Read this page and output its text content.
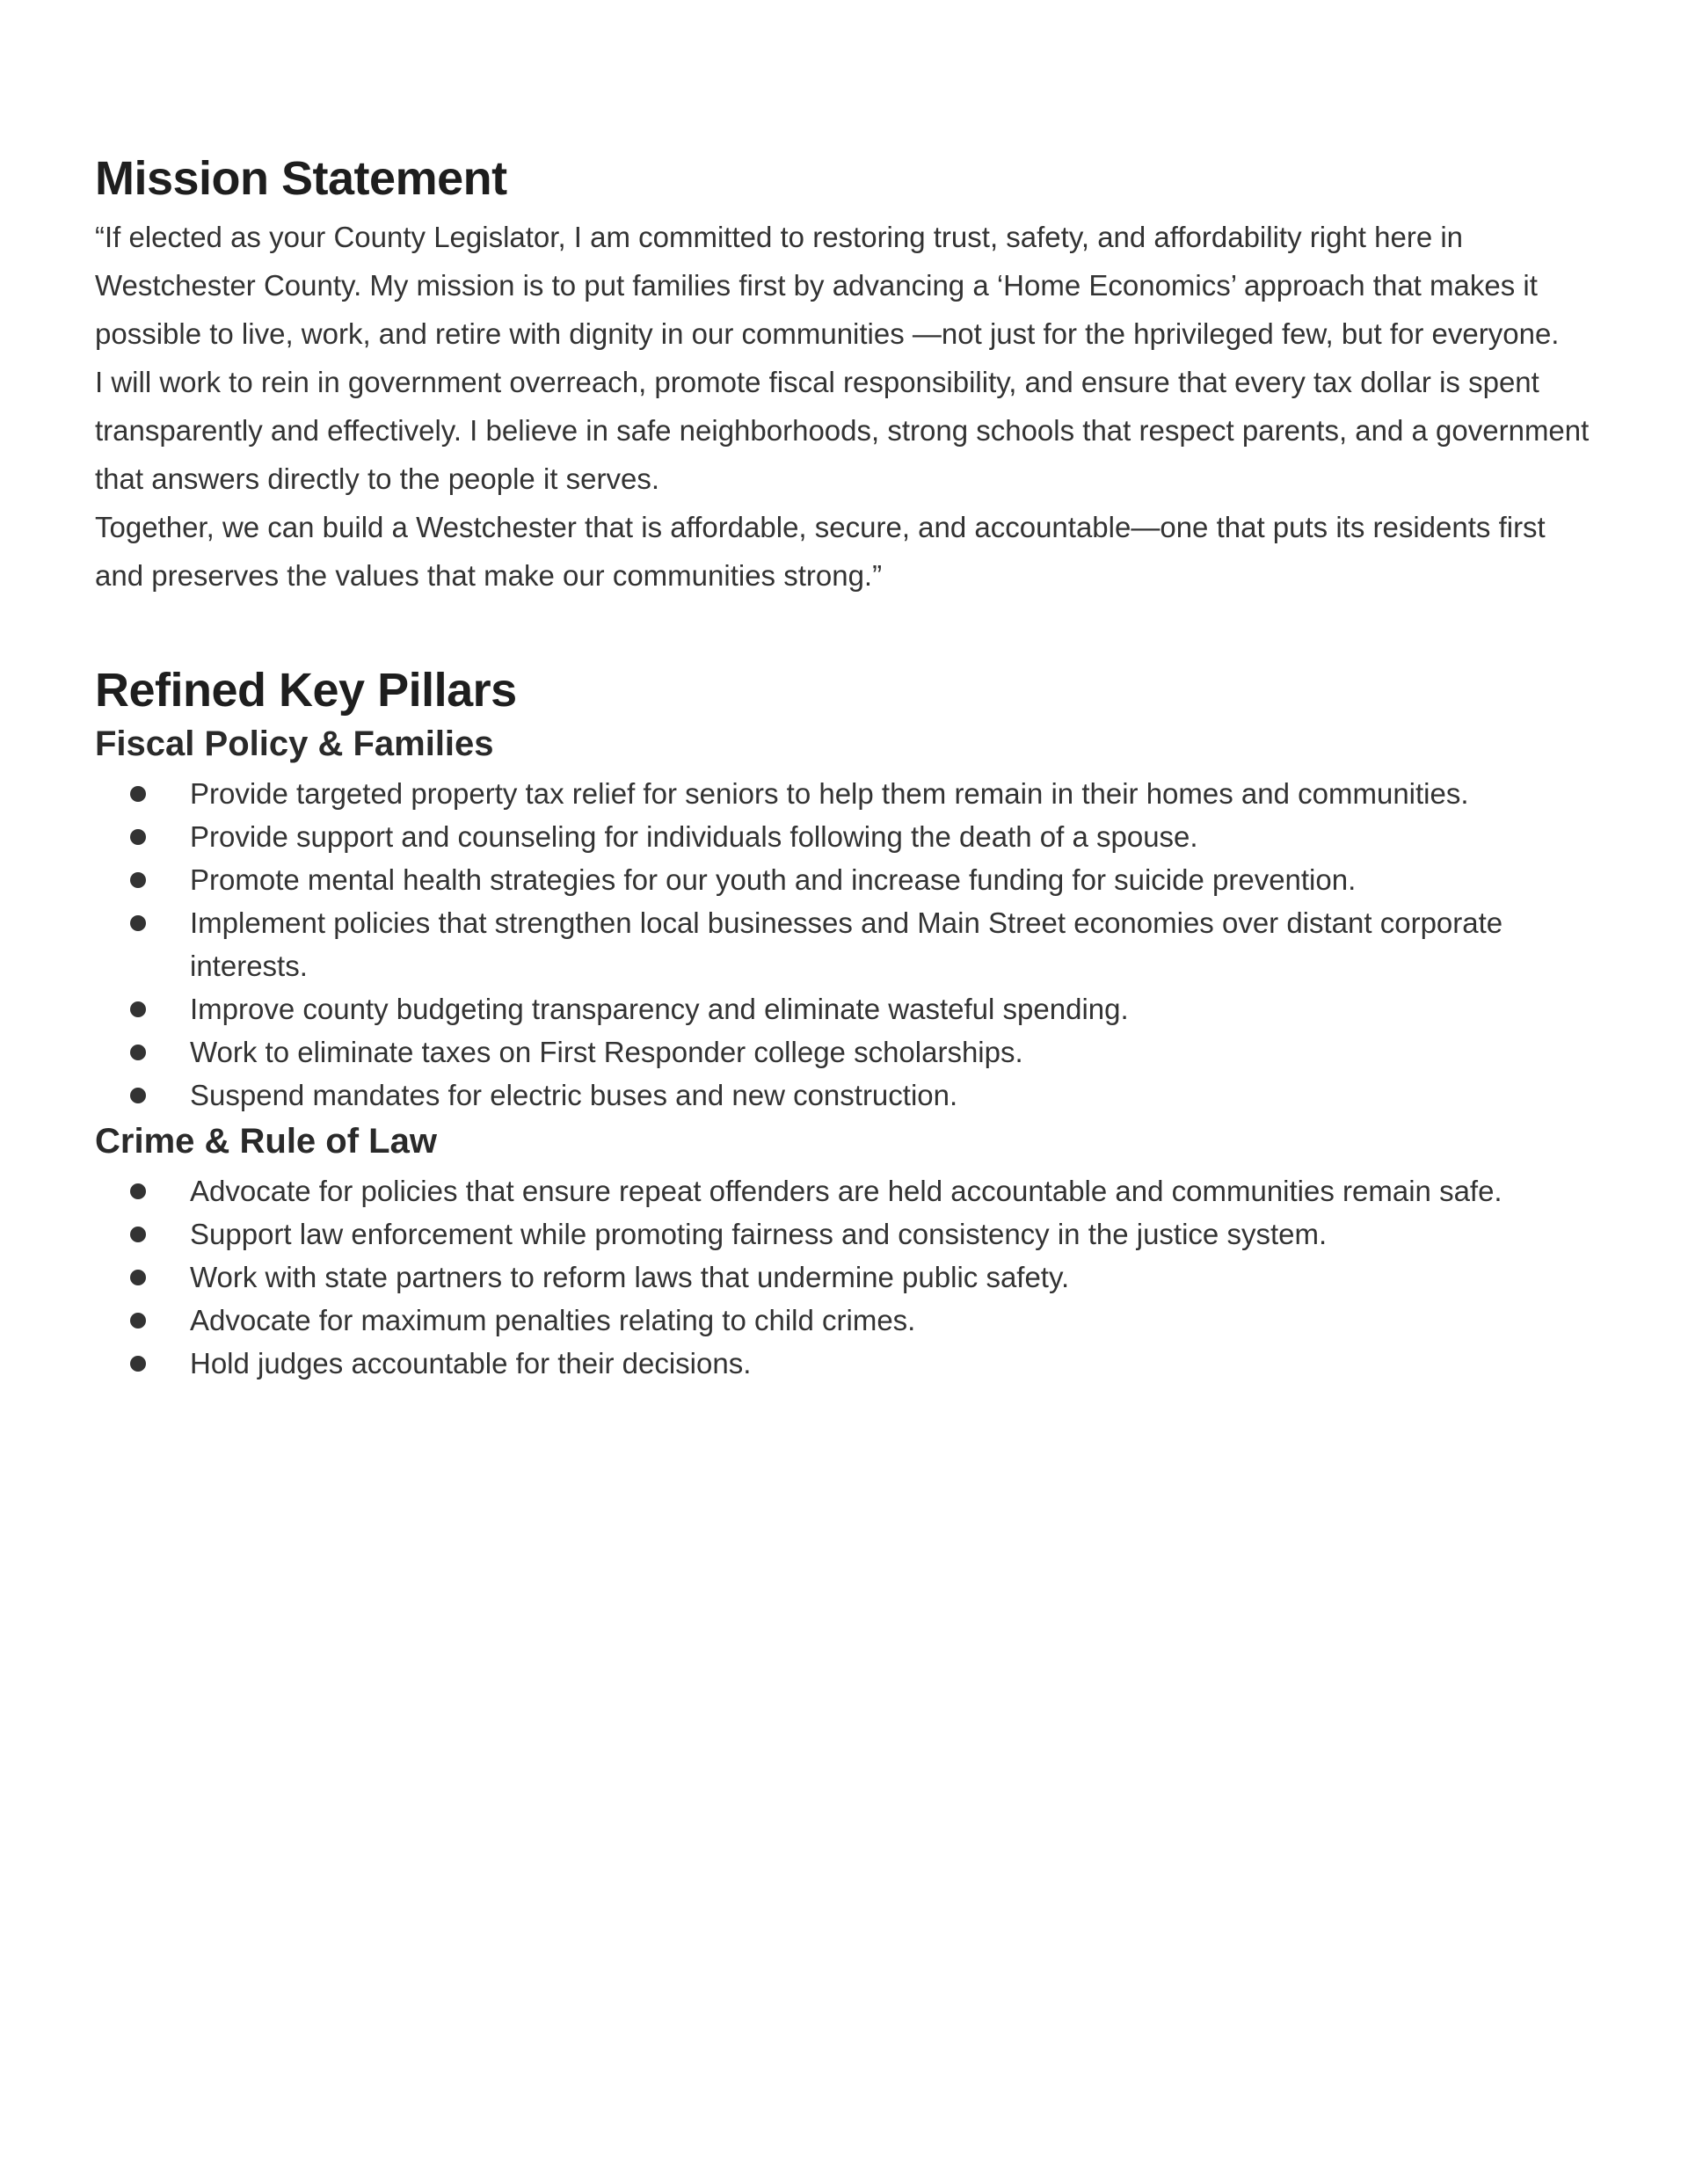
Mission Statement

“If elected as your County Legislator, I am committed to restoring trust, safety, and affordability right here in Westchester County. My mission is to put families first by advancing a ‘Home Economics’ approach that makes it possible to live, work, and retire with dignity in our communities —not just for the hprivileged few, but for everyone.

I will work to rein in government overreach, promote fiscal responsibility, and ensure that every tax dollar is spent transparently and effectively. I believe in safe neighborhoods, strong schools that respect parents, and a government that answers directly to the people it serves.

Together, we can build a Westchester that is affordable, secure, and accountable—one that puts its residents first and preserves the values that make our communities strong.”

Refined Key Pillars
Fiscal Policy & Families
Provide targeted property tax relief for seniors to help them remain in their homes and communities.
Provide support and counseling for individuals following the death of a spouse.
Promote mental health strategies for our youth and increase funding for suicide prevention.
Implement policies that strengthen local businesses and Main Street economies over distant corporate interests.
Improve county budgeting transparency and eliminate wasteful spending.
Work to eliminate taxes on First Responder college scholarships.
Suspend mandates for electric buses and new construction.
Crime & Rule of Law
Advocate for policies that ensure repeat offenders are held accountable and communities remain safe.
Support law enforcement while promoting fairness and consistency in the justice system.
Work with state partners to reform laws that undermine public safety.
Advocate for maximum penalties relating to child crimes.
Hold judges accountable for their decisions.
